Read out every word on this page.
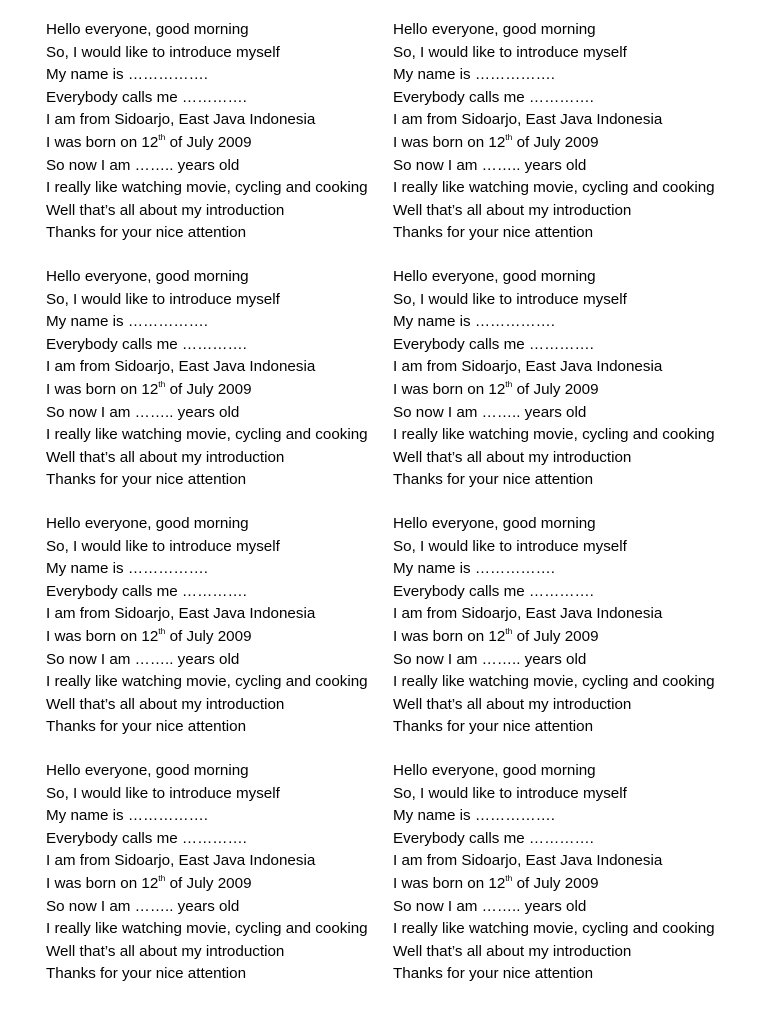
Hello everyone, good morning
So, I would like to introduce myself
My name is …………….
Everybody calls me ………….
I am from Sidoarjo, East Java Indonesia
I was born on 12th of July 2009
So now I am …….. years old
I really like watching movie, cycling and cooking
Well that’s all about my introduction
Thanks for your nice attention
Hello everyone, good morning
So, I would like to introduce myself
My name is …………….
Everybody calls me ………….
I am from Sidoarjo, East Java Indonesia
I was born on 12th of July 2009
So now I am …….. years old
I really like watching movie, cycling and cooking
Well that’s all about my introduction
Thanks for your nice attention
Hello everyone, good morning
So, I would like to introduce myself
My name is …………….
Everybody calls me ………….
I am from Sidoarjo, East Java Indonesia
I was born on 12th of July 2009
So now I am …….. years old
I really like watching movie, cycling and cooking
Well that’s all about my introduction
Thanks for your nice attention
Hello everyone, good morning
So, I would like to introduce myself
My name is …………….
Everybody calls me ………….
I am from Sidoarjo, East Java Indonesia
I was born on 12th of July 2009
So now I am …….. years old
I really like watching movie, cycling and cooking
Well that’s all about my introduction
Thanks for your nice attention
Hello everyone, good morning
So, I would like to introduce myself
My name is …………….
Everybody calls me ………….
I am from Sidoarjo, East Java Indonesia
I was born on 12th of July 2009
So now I am …….. years old
I really like watching movie, cycling and cooking
Well that’s all about my introduction
Thanks for your nice attention
Hello everyone, good morning
So, I would like to introduce myself
My name is …………….
Everybody calls me ………….
I am from Sidoarjo, East Java Indonesia
I was born on 12th of July 2009
So now I am …….. years old
I really like watching movie, cycling and cooking
Well that’s all about my introduction
Thanks for your nice attention
Hello everyone, good morning
So, I would like to introduce myself
My name is …………….
Everybody calls me ………….
I am from Sidoarjo, East Java Indonesia
I was born on 12th of July 2009
So now I am …….. years old
I really like watching movie, cycling and cooking
Well that’s all about my introduction
Thanks for your nice attention
Hello everyone, good morning
So, I would like to introduce myself
My name is …………….
Everybody calls me ………….
I am from Sidoarjo, East Java Indonesia
I was born on 12th of July 2009
So now I am …….. years old
I really like watching movie, cycling and cooking
Well that’s all about my introduction
Thanks for your nice attention
